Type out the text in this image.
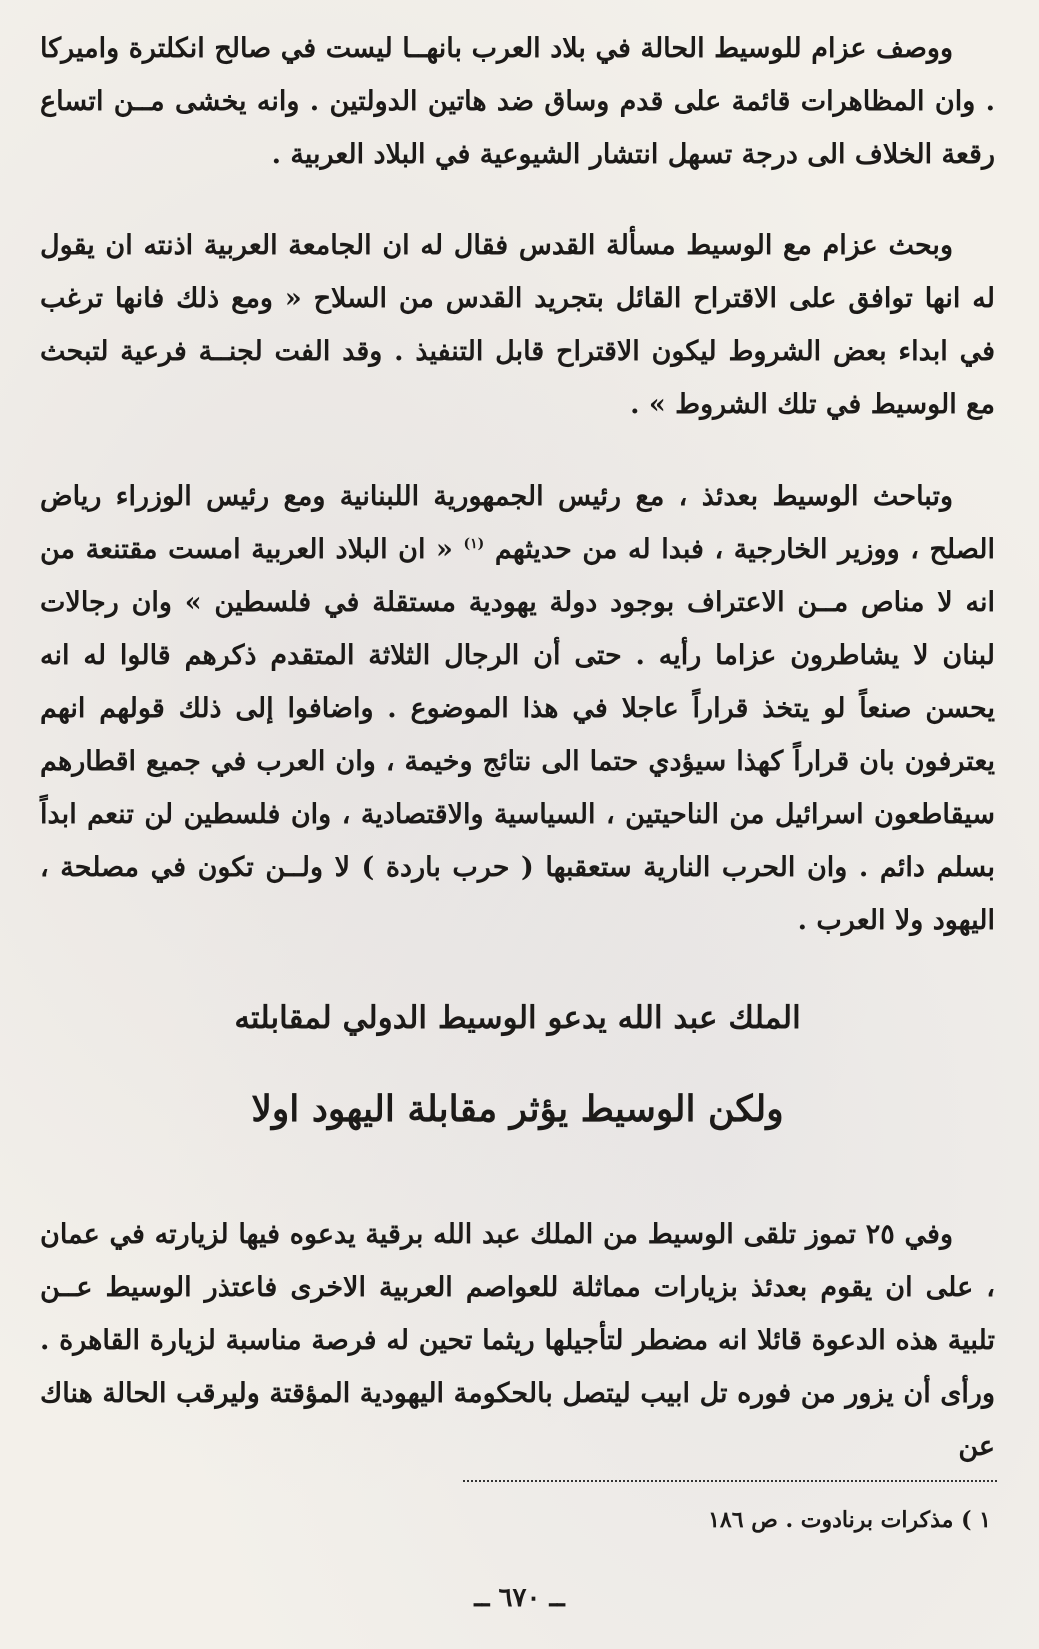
ووصف عزام للوسيط الحالة في بلاد العرب بانهــا ليست في صالح انكلترة واميركا . وان المظاهرات قائمة على قدم وساق ضد هاتين الدولتين . وانه يخشى مــن اتساع رقعة الخلاف الى درجة تسهل انتشار الشيوعية في البلاد العربية .

وبحث عزام مع الوسيط مسألة القدس فقال له ان الجامعة العربية اذنته ان يقول له انها توافق على الاقتراح القائل بتجريد القدس من السلاح « ومع ذلك فانها ترغب في ابداء بعض الشروط ليكون الاقتراح قابل التنفيذ . وقد الفت لجنــة فرعية لتبحث مع الوسيط في تلك الشروط » .

وتباحث الوسيط بعدئذ ، مع رئيس الجمهورية اللبنانية ومع رئيس الوزراء رياض الصلح ، ووزير الخارجية ، فبدا له من حديثهم $^{(١)}$ « ان البلاد العربية امست مقتنعة من انه لا مناص مــن الاعتراف بوجود دولة يهودية مستقلة في فلسطين » وان رجالات لبنان لا يشاطرون عزاما رأيه . حتى أن الرجال الثلاثة المتقدم ذكرهم قالوا له انه يحسن صنعاً لو يتخذ قراراً عاجلا في هذا الموضوع . واضافوا إلى ذلك قولهم انهم يعترفون بان قراراً كهذا سيؤدي حتما الى نتائج وخيمة ، وان العرب في جميع اقطارهم سيقاطعون اسرائيل من الناحيتين ، السياسية والاقتصادية ، وان فلسطين لن تنعم ابداً بسلم دائم . وان الحرب النارية ستعقبها ( حرب باردة ) لا ولــن تكون في مصلحة ، اليهود ولا العرب .

الملك عبد الله يدعو الوسيط الدولي لمقابلته
ولكن الوسيط يؤثر مقابلة اليهود اولا

وفي ٢٥ تموز تلقى الوسيط من الملك عبد الله برقية يدعوه فيها لزيارته في عمان ، على ان يقوم بعدئذ بزيارات مماثلة للعواصم العربية الاخرى فاعتذر الوسيط عــن تلبية هذه الدعوة قائلا انه مضطر لتأجيلها ريثما تحين له فرصة مناسبة لزيارة القاهرة . ورأى أن يزور من فوره تل ابيب ليتصل بالحكومة اليهودية المؤقتة وليرقب الحالة هناك عن

١ ) مذكرات برنادوت . ص ١٨٦
ــ ٦٧٠ ــ
